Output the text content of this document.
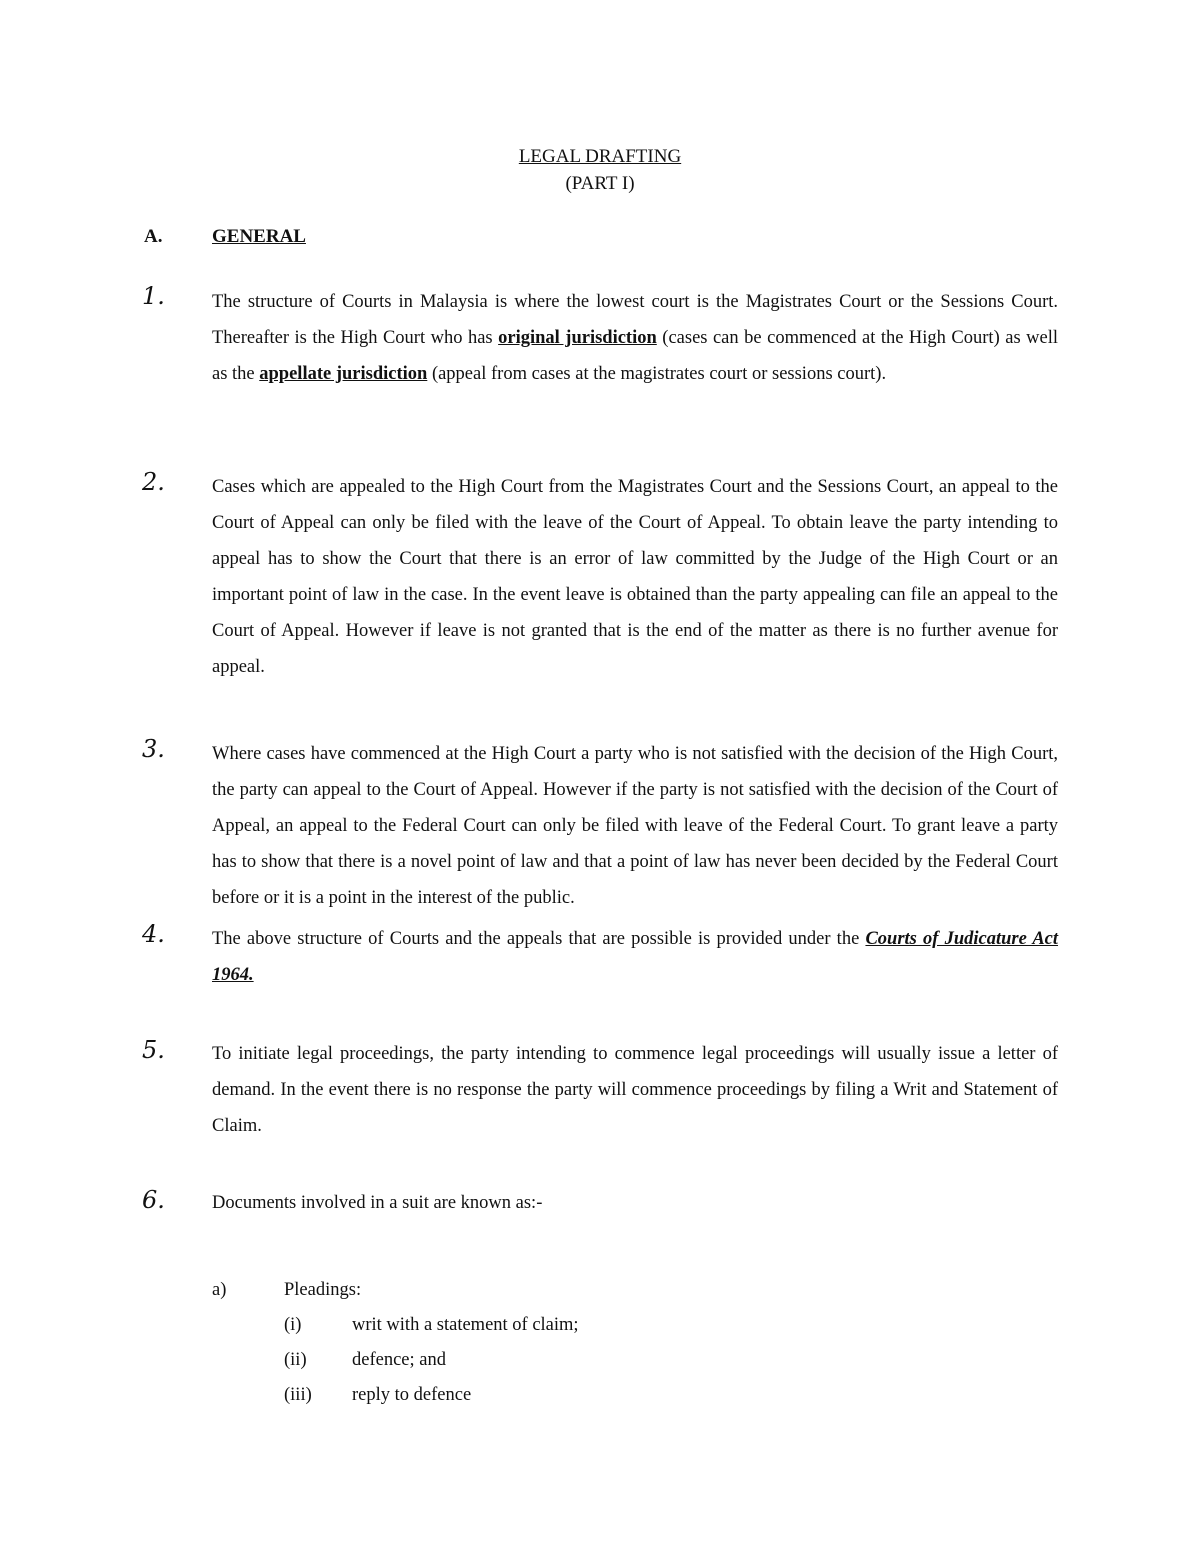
LEGAL DRAFTING
(PART I)
A.	GENERAL
1.	The structure of Courts in Malaysia is where the lowest court is the Magistrates Court or the Sessions Court. Thereafter is the High Court who has original jurisdiction (cases can be commenced at the High Court) as well as the appellate jurisdiction (appeal from cases at the magistrates court or sessions court).
2.	Cases which are appealed to the High Court from the Magistrates Court and the Sessions Court, an appeal to the Court of Appeal can only be filed with the leave of the Court of Appeal. To obtain leave the party intending to appeal has to show the Court that there is an error of law committed by the Judge of the High Court or an important point of law in the case. In the event leave is obtained than the party appealing can file an appeal to the Court of Appeal. However if leave is not granted that is the end of the matter as there is no further avenue for appeal.
3.	Where cases have commenced at the High Court a party who is not satisfied with the decision of the High Court, the party can appeal to the Court of Appeal. However if the party is not satisfied with the decision of the Court of Appeal, an appeal to the Federal Court can only be filed with leave of the Federal Court. To grant leave a party has to show that there is a novel point of law and that a point of law has never been decided by the Federal Court before or it is a point in the interest of the public.
4.	The above structure of Courts and the appeals that are possible is provided under the Courts of Judicature Act 1964.
5.	To initiate legal proceedings, the party intending to commence legal proceedings will usually issue a letter of demand. In the event there is no response the party will commence proceedings by filing a Writ and Statement of Claim.
6.	Documents involved in a suit are known as:-
a)	Pleadings:
(i)	writ with a statement of claim;
(ii) defence; and
(iii) reply to defence
